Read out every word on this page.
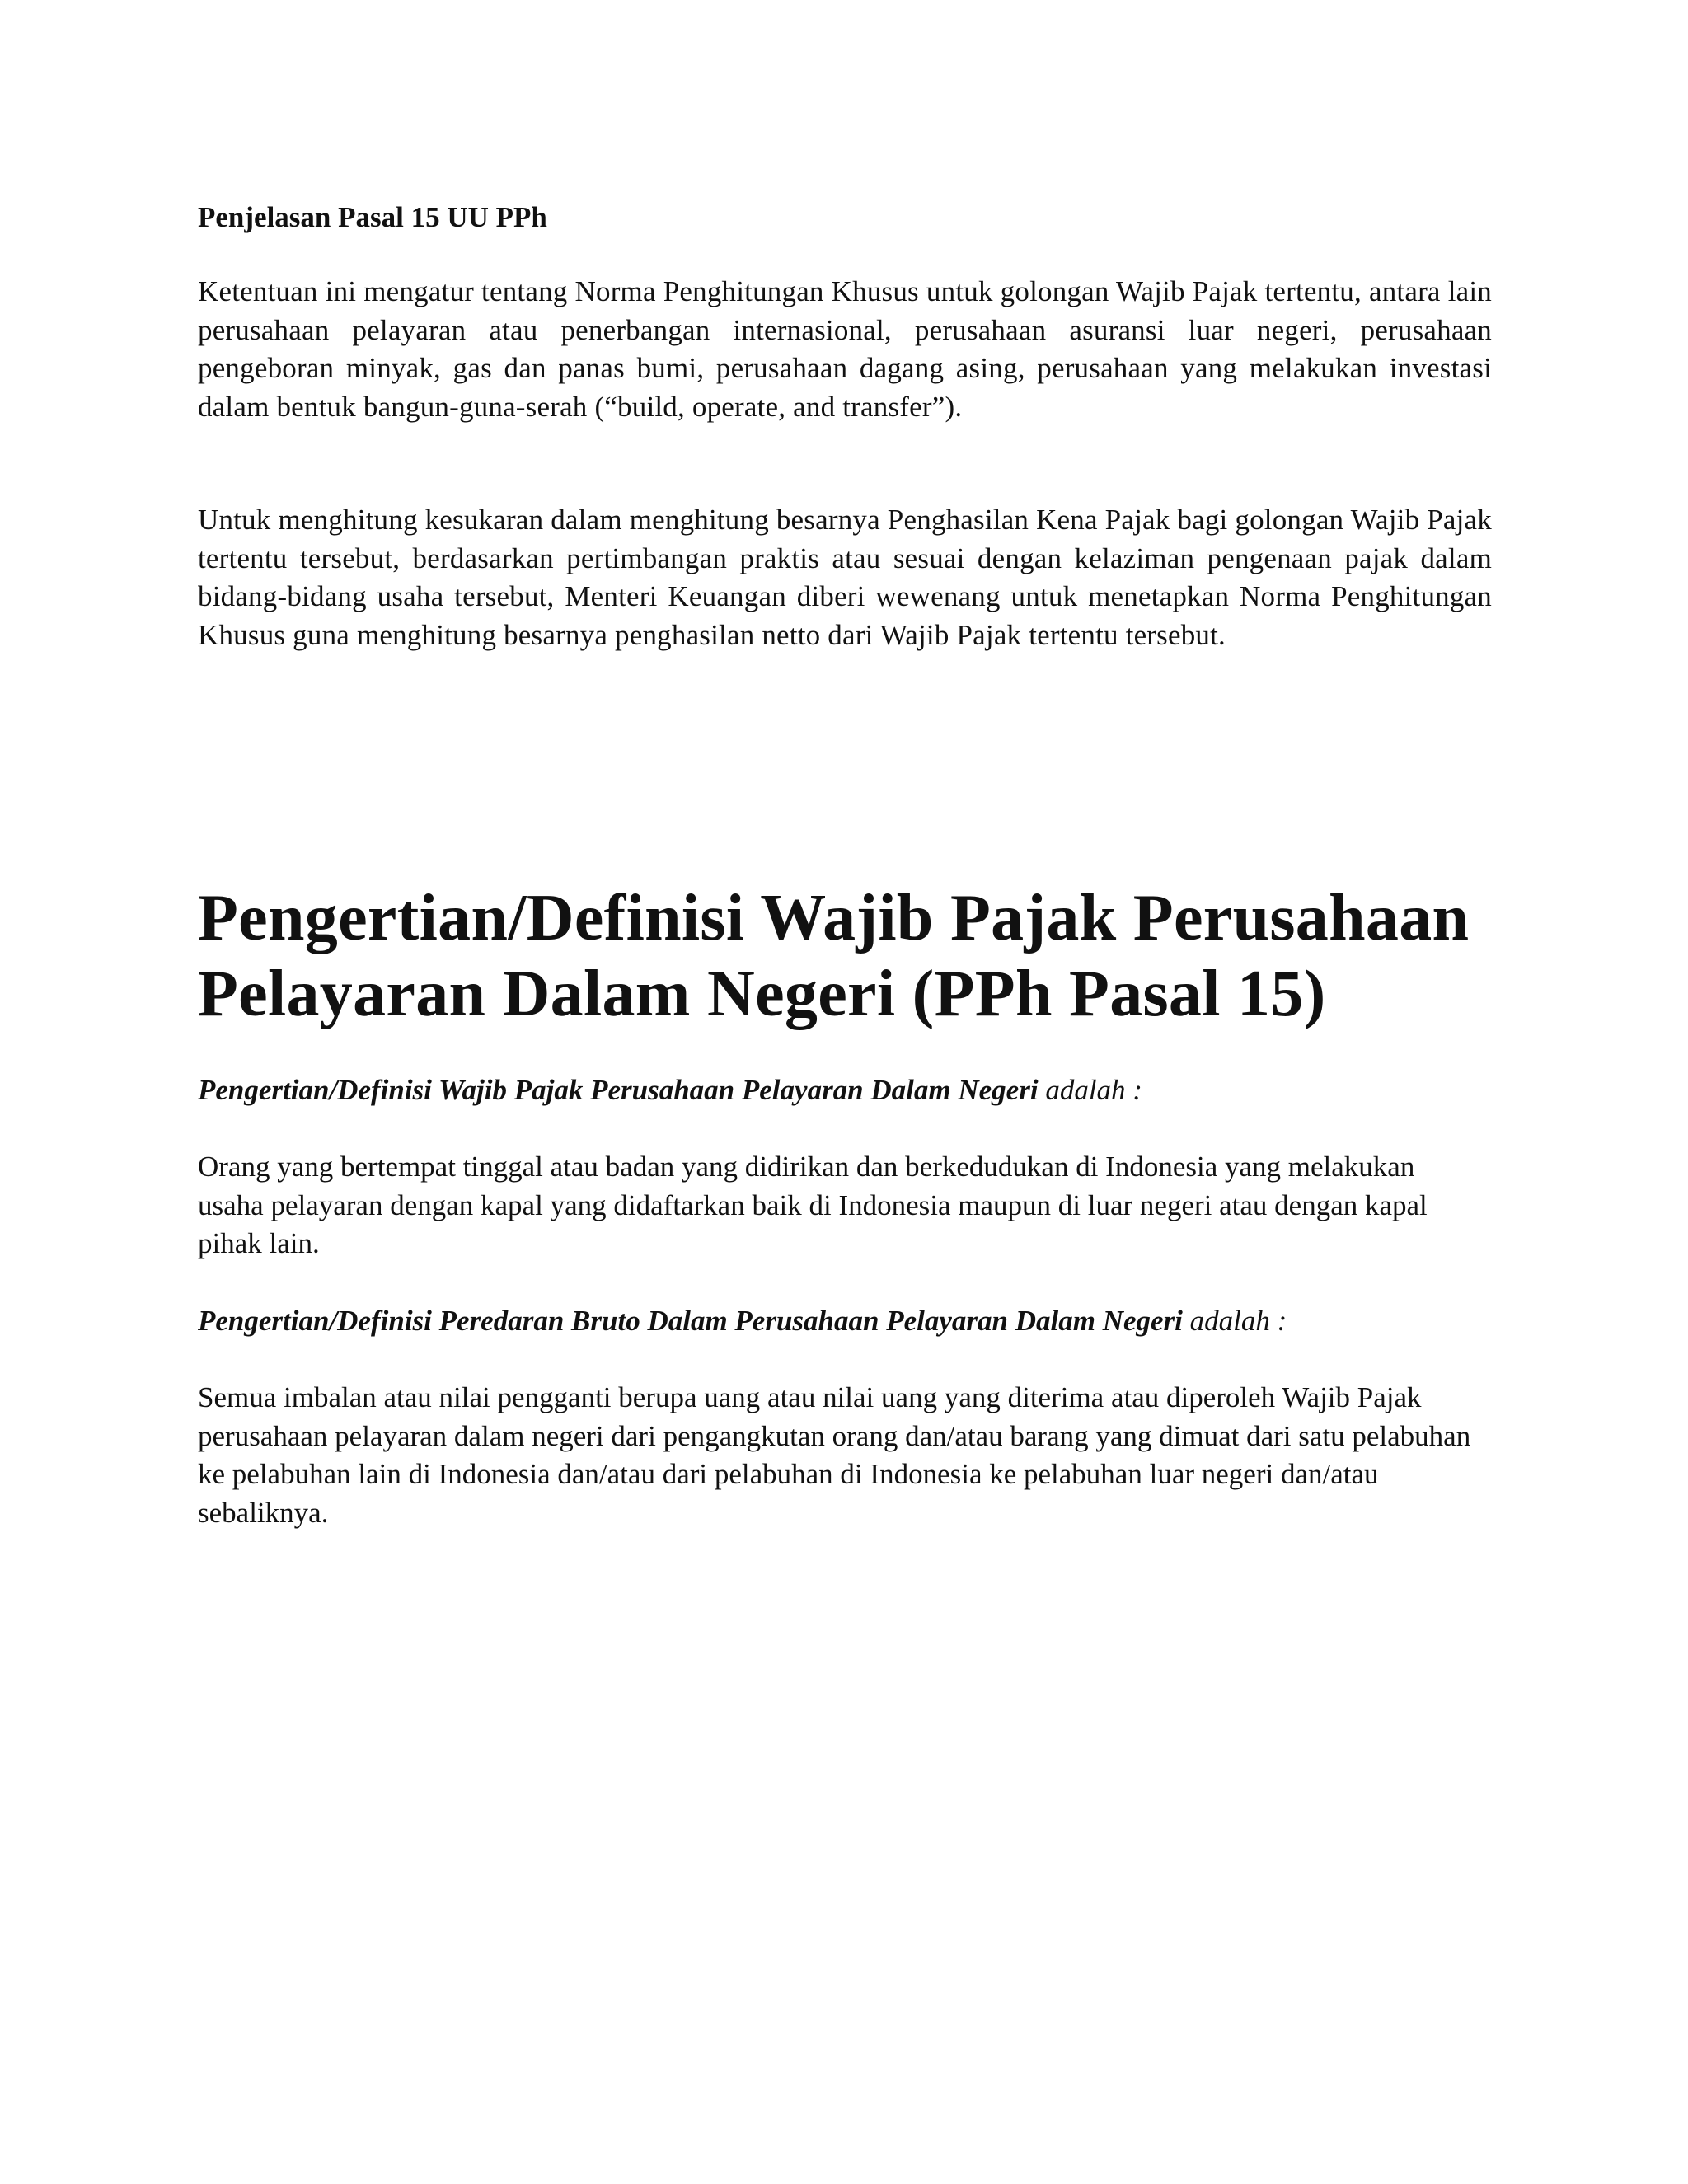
Penjelasan Pasal 15 UU PPh

Ketentuan ini mengatur tentang Norma Penghitungan Khusus untuk golongan Wajib Pajak tertentu, antara lain perusahaan pelayaran atau penerbangan internasional, perusahaan asuransi luar negeri, perusahaan pengeboran minyak, gas dan panas bumi, perusahaan dagang asing, perusahaan yang melakukan investasi dalam bentuk bangun-guna-serah (“build, operate, and transfer”).

Untuk menghitung kesukaran dalam menghitung besarnya Penghasilan Kena Pajak bagi golongan Wajib Pajak tertentu tersebut, berdasarkan pertimbangan praktis atau sesuai dengan kelaziman pengenaan pajak dalam bidang-bidang usaha tersebut, Menteri Keuangan diberi wewenang untuk menetapkan Norma Penghitungan Khusus guna menghitung besarnya penghasilan netto dari Wajib Pajak tertentu tersebut.

Pengertian/Definisi Wajib Pajak Perusahaan
Pelayaran Dalam Negeri (PPh Pasal 15)

Pengertian/Definisi Wajib Pajak Perusahaan Pelayaran Dalam Negeri adalah :

Orang yang bertempat tinggal atau badan yang didirikan dan berkedudukan di Indonesia yang melakukan usaha pelayaran dengan kapal yang didaftarkan baik di Indonesia maupun di luar negeri atau dengan kapal pihak lain.

Pengertian/Definisi Peredaran Bruto Dalam Perusahaan Pelayaran Dalam Negeri adalah :

Semua imbalan atau nilai pengganti berupa uang atau nilai uang yang diterima atau diperoleh Wajib Pajak perusahaan pelayaran dalam negeri dari pengangkutan orang dan/atau barang yang dimuat dari satu pelabuhan ke pelabuhan lain di Indonesia dan/atau dari pelabuhan di Indonesia ke pelabuhan luar negeri dan/atau sebaliknya.
